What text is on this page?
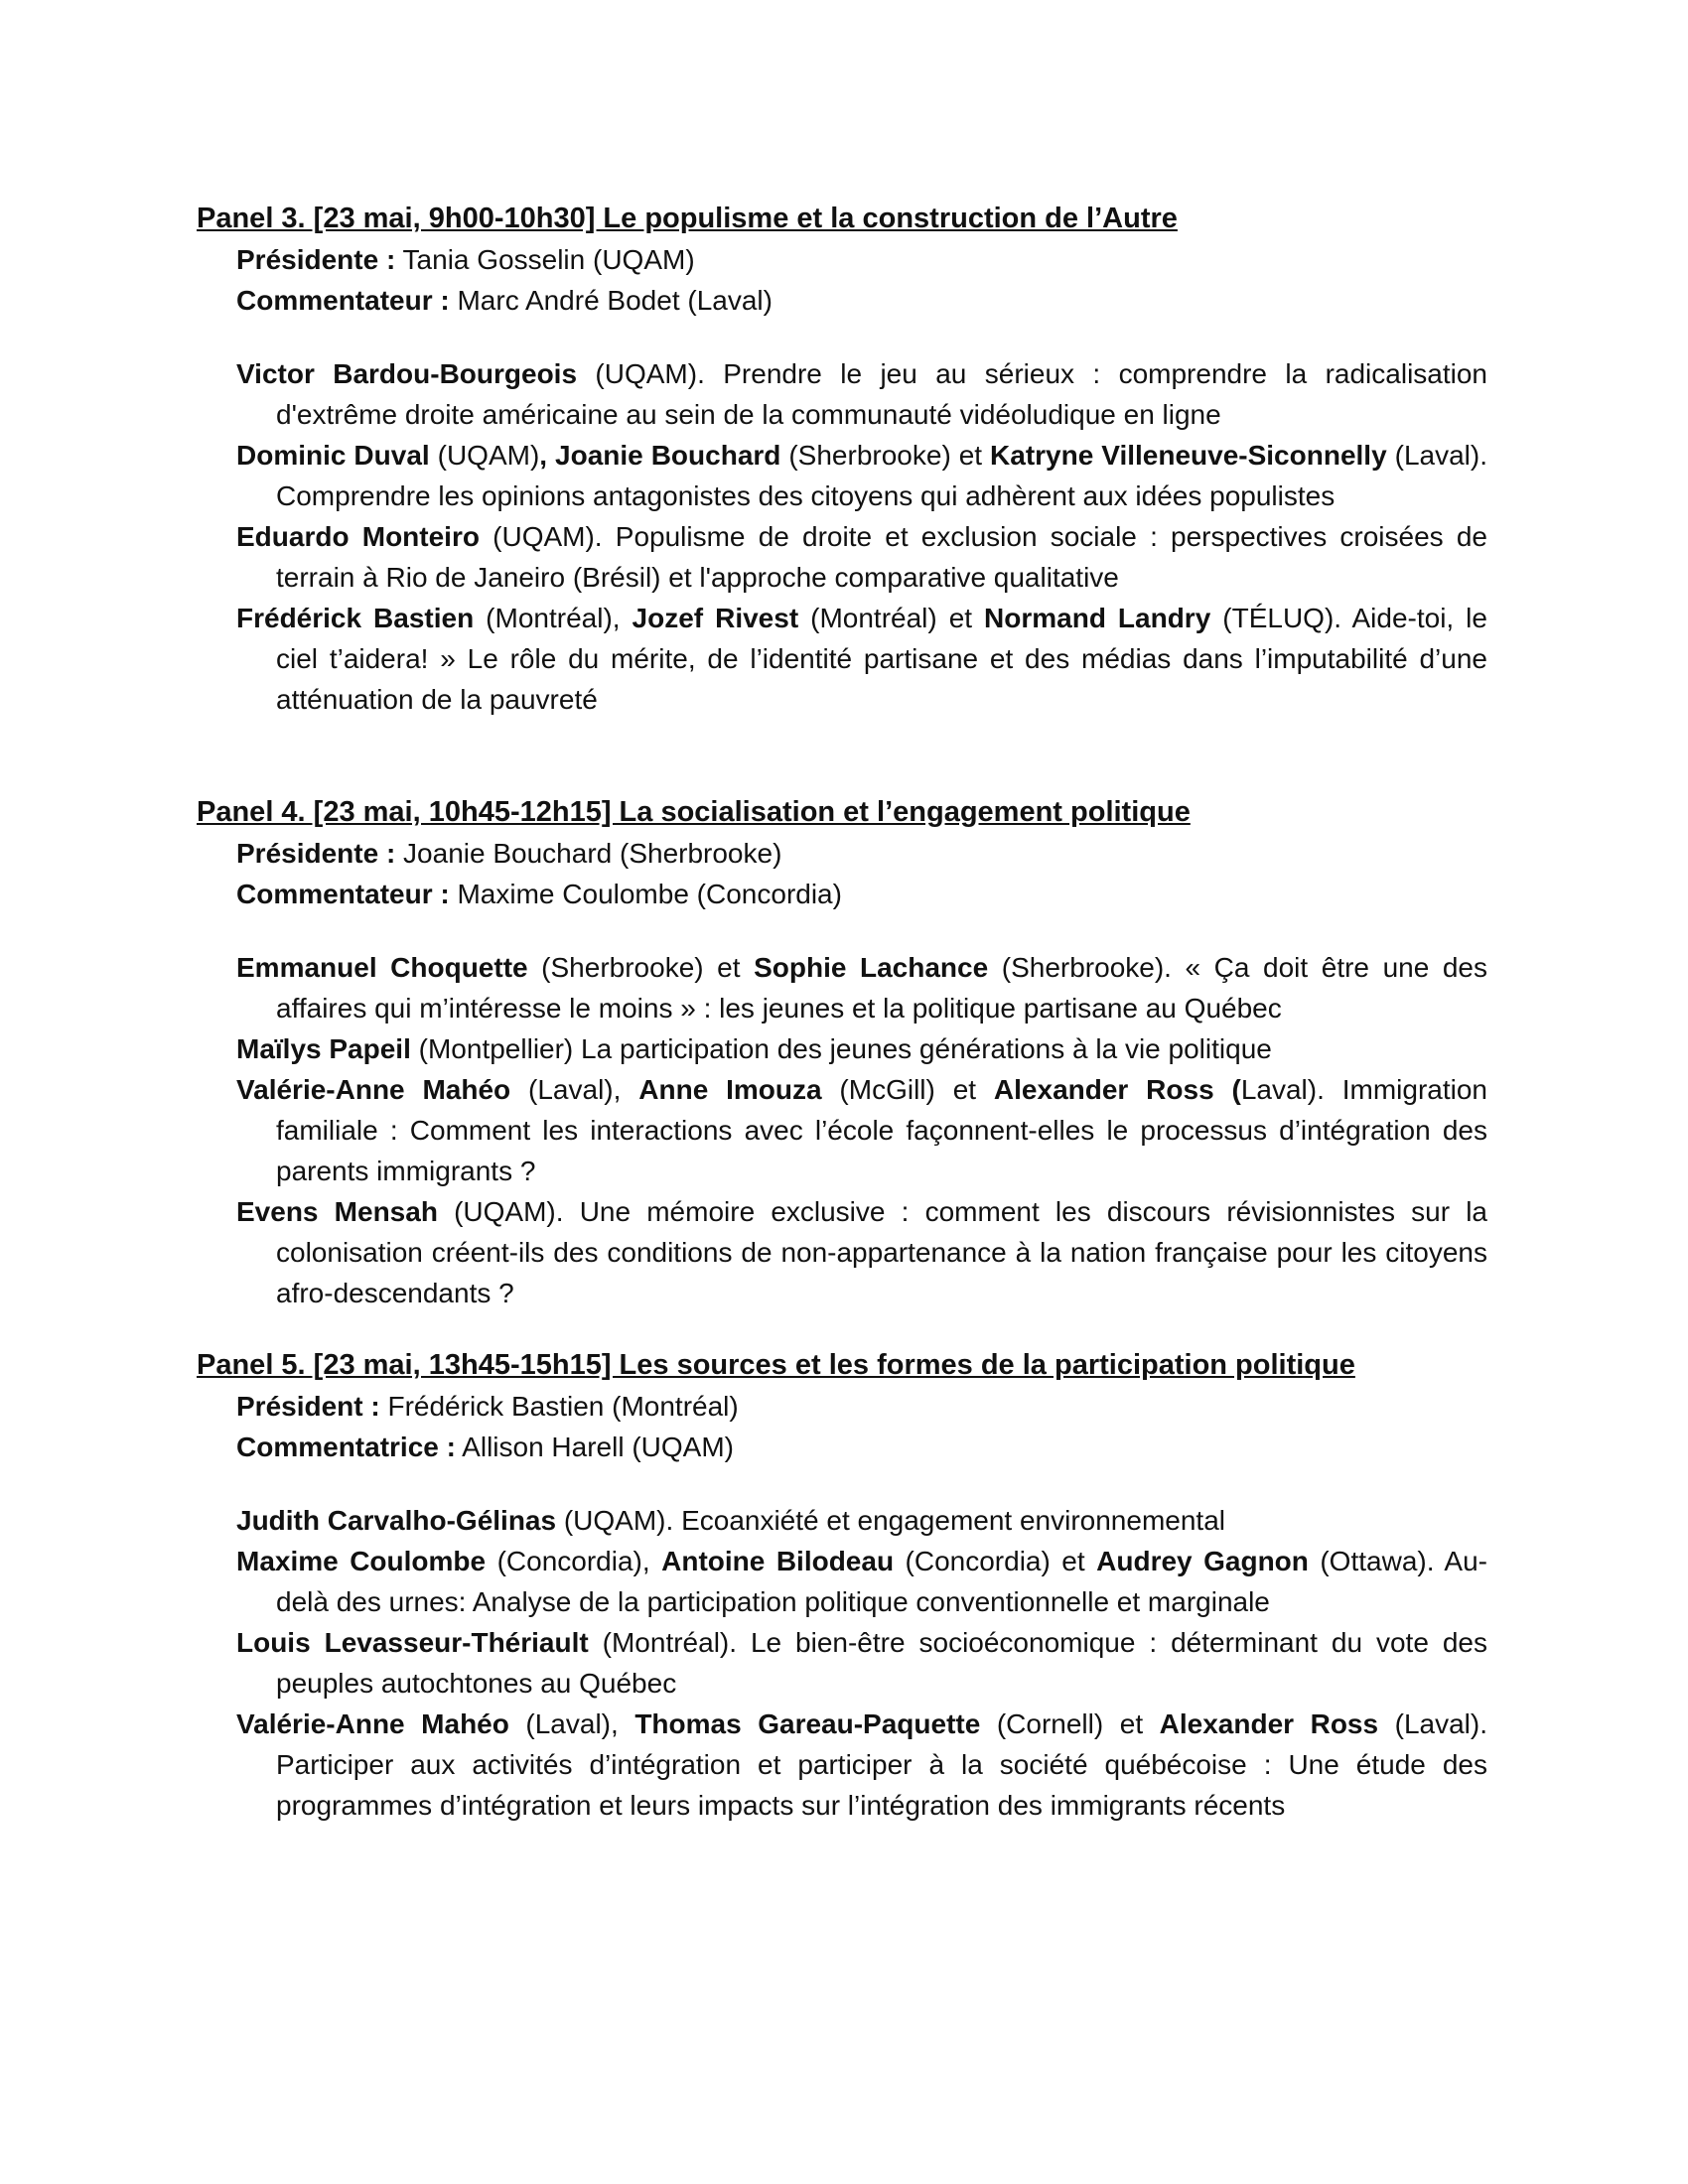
Panel 3. [23 mai, 9h00-10h30] Le populisme et la construction de l’Autre
Présidente : Tania Gosselin (UQAM)
Commentateur : Marc André Bodet (Laval)

Victor Bardou-Bourgeois (UQAM). Prendre le jeu au sérieux : comprendre la radicalisation d'extrême droite américaine au sein de la communauté vidéoludique en ligne

Dominic Duval (UQAM), Joanie Bouchard (Sherbrooke) et Katryne Villeneuve-Siconnelly (Laval). Comprendre les opinions antagonistes des citoyens qui adhèrent aux idées populistes

Eduardo Monteiro (UQAM). Populisme de droite et exclusion sociale : perspectives croisées de terrain à Rio de Janeiro (Brésil) et l'approche comparative qualitative

Frédérick Bastien (Montréal), Jozef Rivest (Montréal) et Normand Landry (TÉLUQ). Aide-toi, le ciel t’aidera! » Le rôle du mérite, de l’identité partisane et des médias dans l’imputabilité d’une atténuation de la pauvreté

Panel 4. [23 mai, 10h45-12h15] La socialisation et l’engagement politique
Présidente : Joanie Bouchard (Sherbrooke)
Commentateur : Maxime Coulombe (Concordia)

Emmanuel Choquette (Sherbrooke) et Sophie Lachance (Sherbrooke). « Ça doit être une des affaires qui m’intéresse le moins » : les jeunes et la politique partisane au Québec

Maïlys Papeil (Montpellier) La participation des jeunes générations à la vie politique

Valérie-Anne Mahéo (Laval), Anne Imouza (McGill) et Alexander Ross (Laval). Immigration familiale : Comment les interactions avec l’école façonnent-elles le processus d’intégration des parents immigrants ?

Evens Mensah (UQAM). Une mémoire exclusive : comment les discours révisionnistes sur la colonisation créent-ils des conditions de non-appartenance à la nation française pour les citoyens afro-descendants ?

Panel 5. [23 mai, 13h45-15h15] Les sources et les formes de la participation politique
Président : Frédérick Bastien (Montréal)
Commentatrice : Allison Harell (UQAM)

Judith Carvalho-Gélinas (UQAM). Ecoanxiété et engagement environnemental

Maxime Coulombe (Concordia), Antoine Bilodeau (Concordia) et Audrey Gagnon (Ottawa). Au-delà des urnes: Analyse de la participation politique conventionnelle et marginale

Louis Levasseur-Thériault (Montréal). Le bien-être socioéconomique : déterminant du vote des peuples autochtones au Québec

Valérie-Anne Mahéo (Laval), Thomas Gareau-Paquette (Cornell) et Alexander Ross (Laval). Participer aux activités d’intégration et participer à la société québécoise : Une étude des programmes d’intégration et leurs impacts sur l’intégration des immigrants récents
